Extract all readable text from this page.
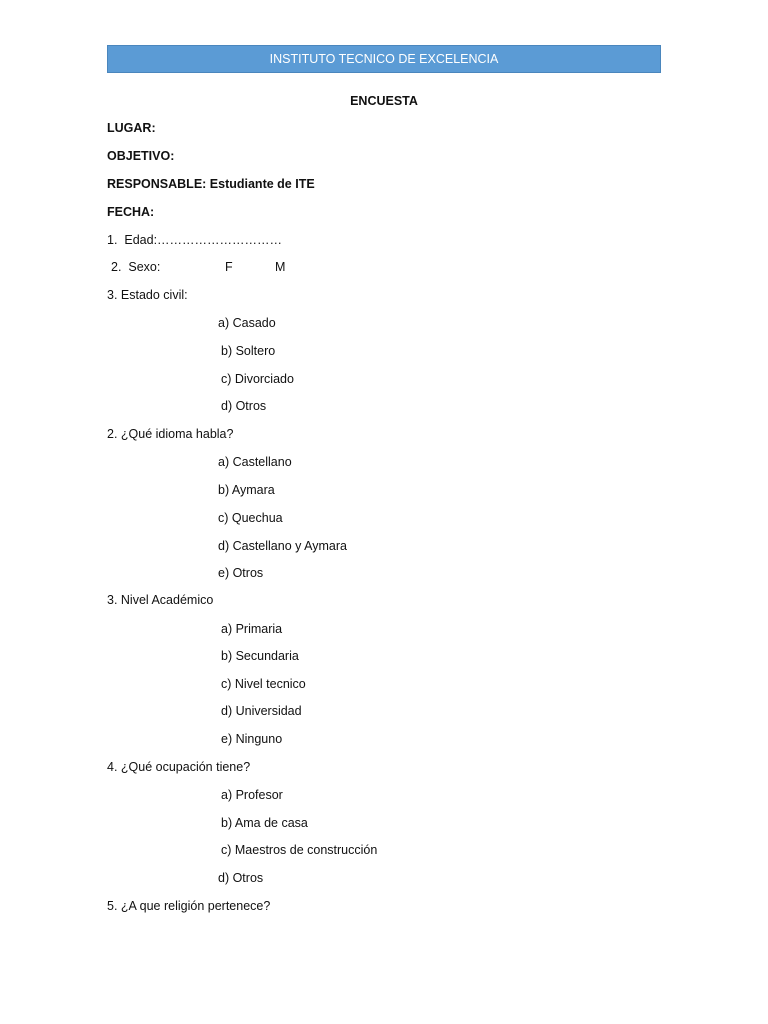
INSTITUTO TECNICO DE EXCELENCIA
ENCUESTA
LUGAR:
OBJETIVO:
RESPONSABLE: Estudiante de ITE
FECHA:
1.  Edad:…………………………
2.  Sexo:	F	M
3. Estado civil:
a) Casado
b) Soltero
c) Divorciado
d) Otros
2. ¿Qué idioma habla?
a) Castellano
b) Aymara
c) Quechua
d) Castellano y Aymara
e) Otros
3. Nivel Académico
a) Primaria
b) Secundaria
c) Nivel tecnico
d) Universidad
e) Ninguno
4. ¿Qué ocupación tiene?
a) Profesor
b) Ama de casa
c) Maestros de construcción
d) Otros
5. ¿A que religión pertenece?
